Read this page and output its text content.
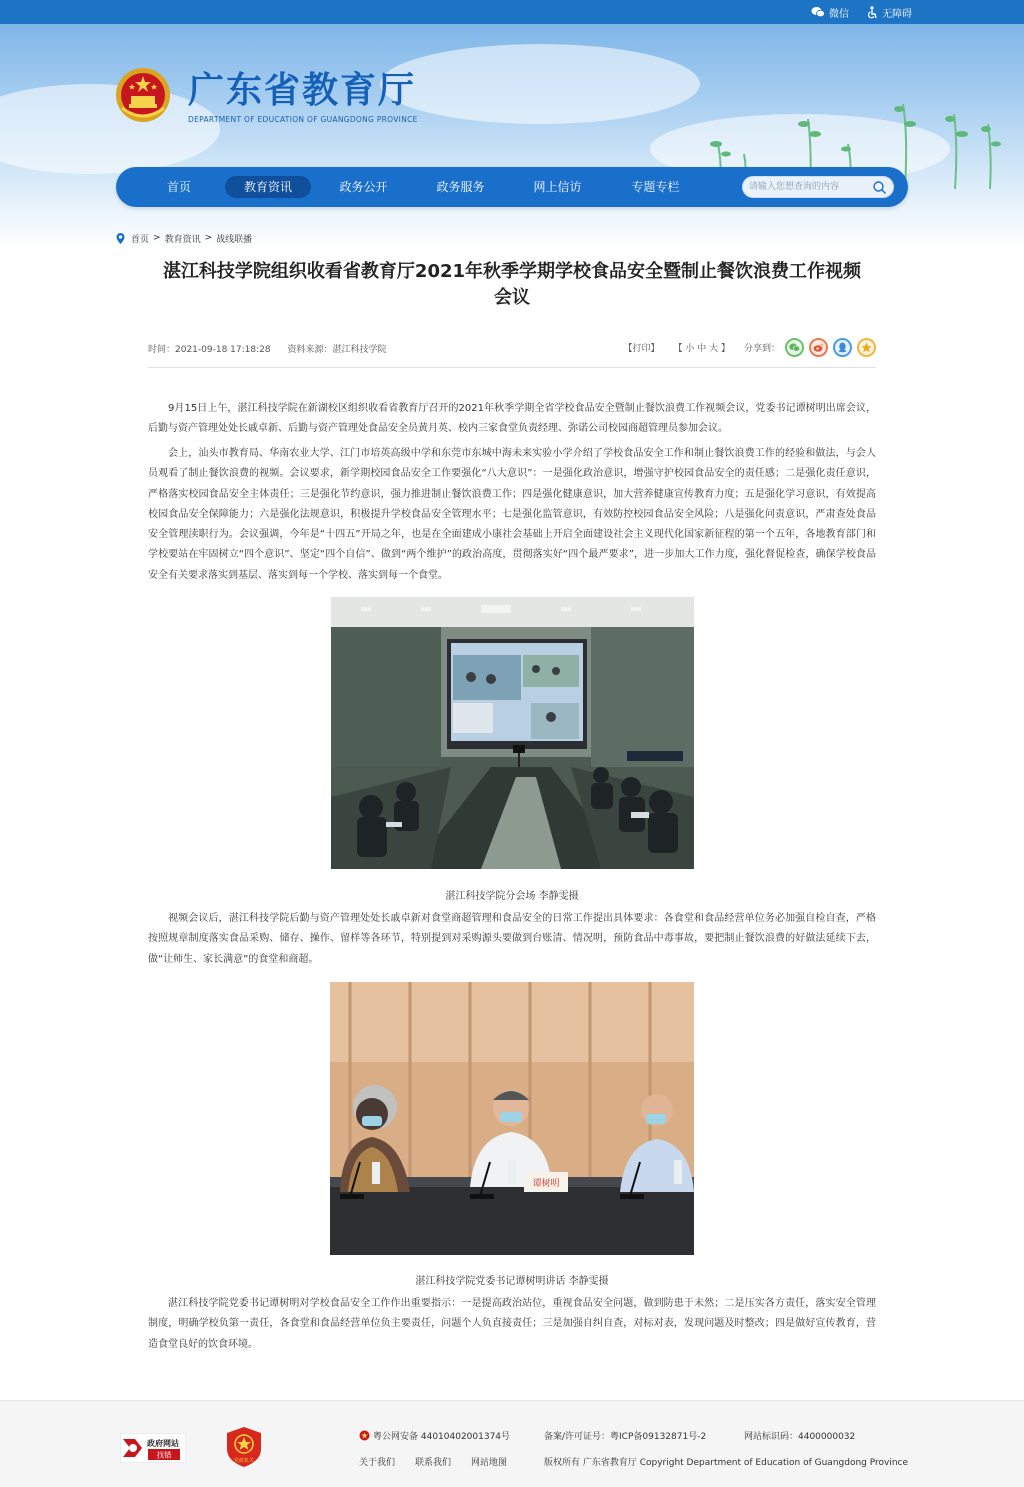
微信	无障碍
广东省教育厅
DEPARTMENT OF EDUCATION OF GUANGDONG PROVINCE
首页	教育资讯	政务公开	政务服务	网上信访	专题专栏
请输入您想查询的内容
首页 > 教育资讯 > 战线联播
湛江科技学院组织收看省教育厅2021年秋季学期学校食品安全暨制止餐饮浪费工作视频
会议
时间：2021-09-18 17:18:28 资料来源：湛江科技学院	【打印】 【 小 中 大 】 分享到：

9月15日上午，湛江科技学院在新湖校区组织收看省教育厅召开的2021年秋季学期全省学校食品安全暨制止餐饮浪费工作视频会议，党委书记谭树明出席会议，后勤与资产管理处处长戚卓新、后勤与资产管理处食品安全员黄月英、校内三家食堂负责经理、弥诺公司校园商超管理员参加会议。

会上，汕头市教育局、华南农业大学、江门市培英高级中学和东莞市东城中海未来实验小学介绍了学校食品安全工作和制止餐饮浪费工作的经验和做法，与会人员观看了制止餐饮浪费的视频。会议要求，新学期校园食品安全工作要强化“八大意识”：一是强化政治意识，增强守护校园食品安全的责任感；二是强化责任意识，严格落实校园食品安全主体责任；三是强化节约意识，强力推进制止餐饮浪费工作；四是强化健康意识，加大营养健康宣传教育力度；五是强化学习意识，有效提高校园食品安全保障能力；六是强化法规意识，积极提升学校食品安全管理水平；七是强化监管意识，有效防控校园食品安全风险；八是强化问责意识，严肃查处食品安全管理渎职行为。会议强调，今年是“十四五”开局之年，也是在全面建成小康社会基础上开启全面建设社会主义现代化国家新征程的第一个五年，各地教育部门和学校要站在牢固树立“四个意识”、坚定“四个自信”、做到“两个维护”的政治高度，贯彻落实好“四个最严要求”，进一步加大工作力度，强化督促检查，确保学校食品安全有关要求落实到基层、落实到每一个学校、落实到每一个食堂。

湛江科技学院分会场 李静雯摄

视频会议后，湛江科技学院后勤与资产管理处处长戚卓新对食堂商超管理和食品安全的日常工作提出具体要求：各食堂和食品经营单位务必加强自检自查，严格按照规章制度落实食品采购、储存、操作、留样等各环节，特别提到对采购源头要做到台账清、情况明，预防食品中毒事故，要把制止餐饮浪费的好做法延续下去，做“让师生、家长满意”的食堂和商超。

谭树明
湛江科技学院党委书记谭树明讲话 李静雯摄

湛江科技学院党委书记谭树明对学校食品安全工作作出重要指示：一是提高政治站位，重视食品安全问题，做到防患于未然；二是压实各方责任，落实安全管理制度，明确学校负第一责任，各食堂和食品经营单位负主要责任，问题个人负直接责任；三是加强自纠自查，对标对表，发现问题及时整改；四是做好宣传教育，营造食堂良好的饮食环境。

政府网站
找错
党政机关
粤公网安备 44010402001374号	备案/许可证号：粤ICP备09132871号-2	网站标识码：4400000032
关于我们 联系我们 网站地图	版权所有 广东省教育厅 Copyright Department of Education of Guangdong Province
